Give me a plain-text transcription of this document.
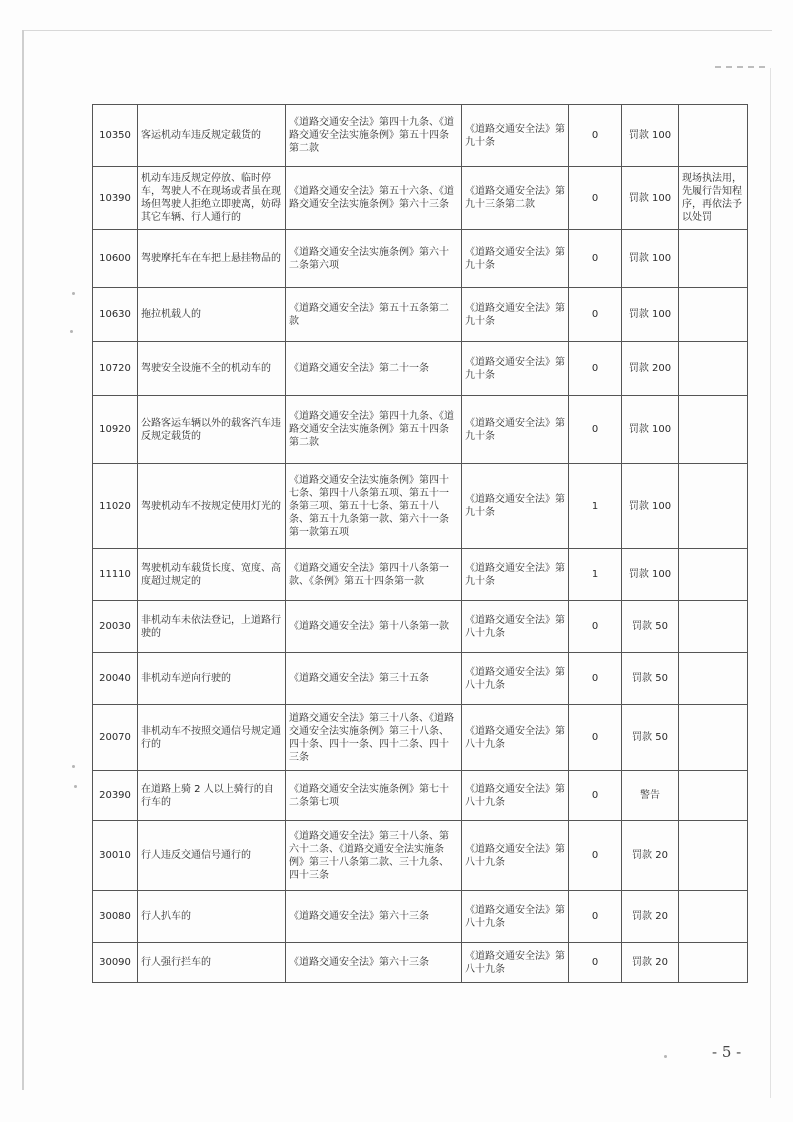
10350	客运机动车违反规定载货的	《道路交通安全法》第四十九条、《道路交通安全法实施条例》第五十四条第二款	《道路交通安全法》第九十条	0	罚款 100	
10390	机动车违反规定停放、临时停车，驾驶人不在现场或者虽在现场但驾驶人拒绝立即驶离，妨碍其它车辆、行人通行的	《道路交通安全法》第五十六条、《道路交通安全法实施条例》第六十三条	《道路交通安全法》第九十三条第二款	0	罚款 100	现场执法用，先履行告知程序，再依法予以处罚
10600	驾驶摩托车在车把上悬挂物品的	《道路交通安全法实施条例》第六十二条第六项	《道路交通安全法》第九十条	0	罚款 100	
10630	拖拉机载人的	《道路交通安全法》第五十五条第二款	《道路交通安全法》第九十条	0	罚款 100	
10720	驾驶安全设施不全的机动车的	《道路交通安全法》第二十一条	《道路交通安全法》第九十条	0	罚款 200	
10920	公路客运车辆以外的载客汽车违反规定载货的	《道路交通安全法》第四十九条、《道路交通安全法实施条例》第五十四条第二款	《道路交通安全法》第九十条	0	罚款 100	
11020	驾驶机动车不按规定使用灯光的	《道路交通安全法实施条例》第四十七条、第四十八条第五项、第五十一条第三项、第五十七条、第五十八条、第五十九条第一款、第六十一条第一款第五项	《道路交通安全法》第九十条	1	罚款 100	
11110	驾驶机动车载货长度、宽度、高度超过规定的	《道路交通安全法》第四十八条第一款、《条例》第五十四条第一款	《道路交通安全法》第九十条	1	罚款 100	
20030	非机动车未依法登记，上道路行驶的	《道路交通安全法》第十八条第一款	《道路交通安全法》第八十九条	0	罚款 50	
20040	非机动车逆向行驶的	《道路交通安全法》第三十五条	《道路交通安全法》第八十九条	0	罚款 50	
20070	非机动车不按照交通信号规定通行的	道路交通安全法》第三十八条、《道路交通安全法实施条例》第三十八条、四十条、四十一条、四十二条、四十三条	《道路交通安全法》第八十九条	0	罚款 50	
20390	在道路上骑 2 人以上骑行的自行车的	《道路交通安全法实施条例》第七十二条第七项	《道路交通安全法》第八十九条	0	警告	
30010	行人违反交通信号通行的	《道路交通安全法》第三十八条、第六十二条、《道路交通安全法实施条例》第三十八条第二款、三十九条、四十三条	《道路交通安全法》第八十九条	0	罚款 20	
30080	行人扒车的	《道路交通安全法》第六十三条	《道路交通安全法》第八十九条	0	罚款 20	
30090	行人强行拦车的	《道路交通安全法》第六十三条	《道路交通安全法》第八十九条	0	罚款 20	
- 5 -
